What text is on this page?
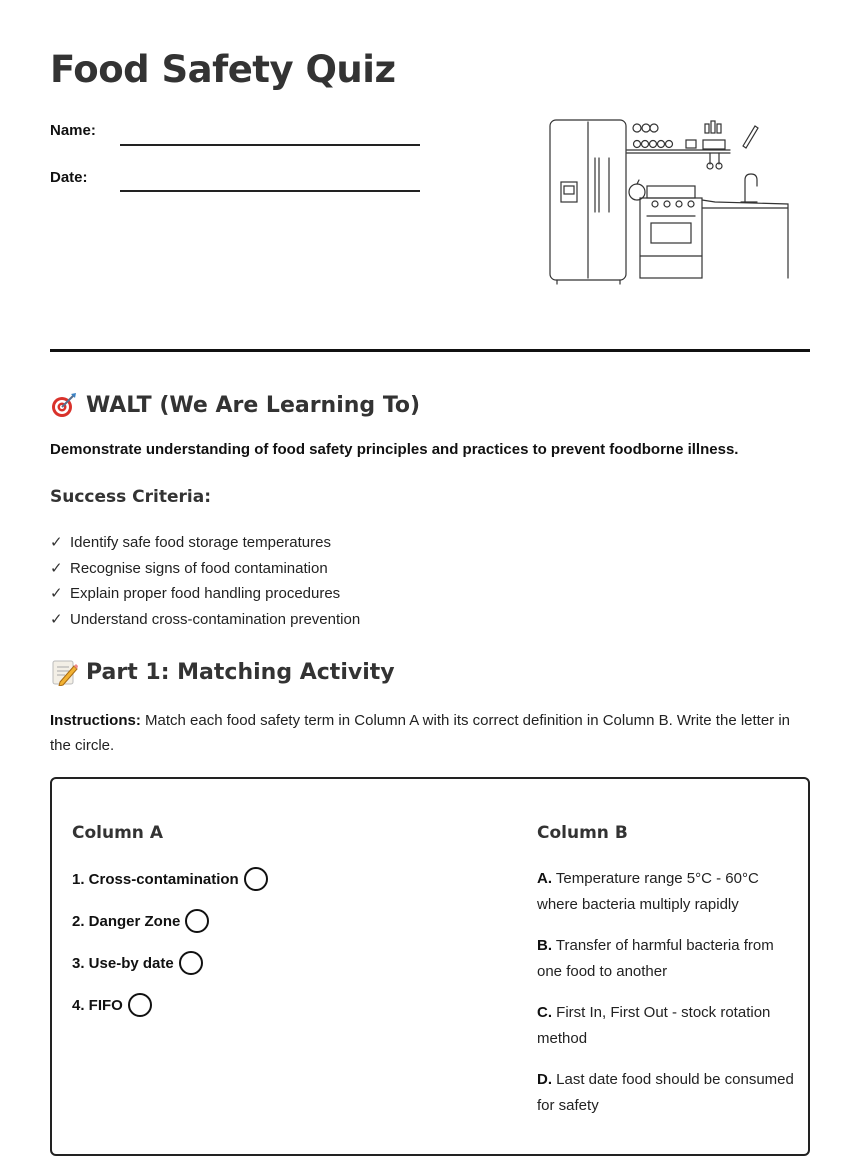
Food Safety Quiz
Name:
Date:
WALT (We Are Learning To)

Demonstrate understanding of food safety principles and practices to prevent foodborne illness.

Success Criteria:
✓ Identify safe food storage temperatures
✓ Recognise signs of food contamination
✓ Explain proper food handling procedures
✓ Understand cross-contamination prevention
Part 1: Matching Activity

Instructions: Match each food safety term in Column A with its correct definition in Column B. Write the letter in the circle.

Column A	Column B
1. Cross-contamination
2. Danger Zone
3. Use-by date
4. FIFO

A. Temperature range 5°C - 60°C where bacteria multiply rapidly

B. Transfer of harmful bacteria from one food to another

C. First In, First Out - stock rotation method

D. Last date food should be consumed for safety
